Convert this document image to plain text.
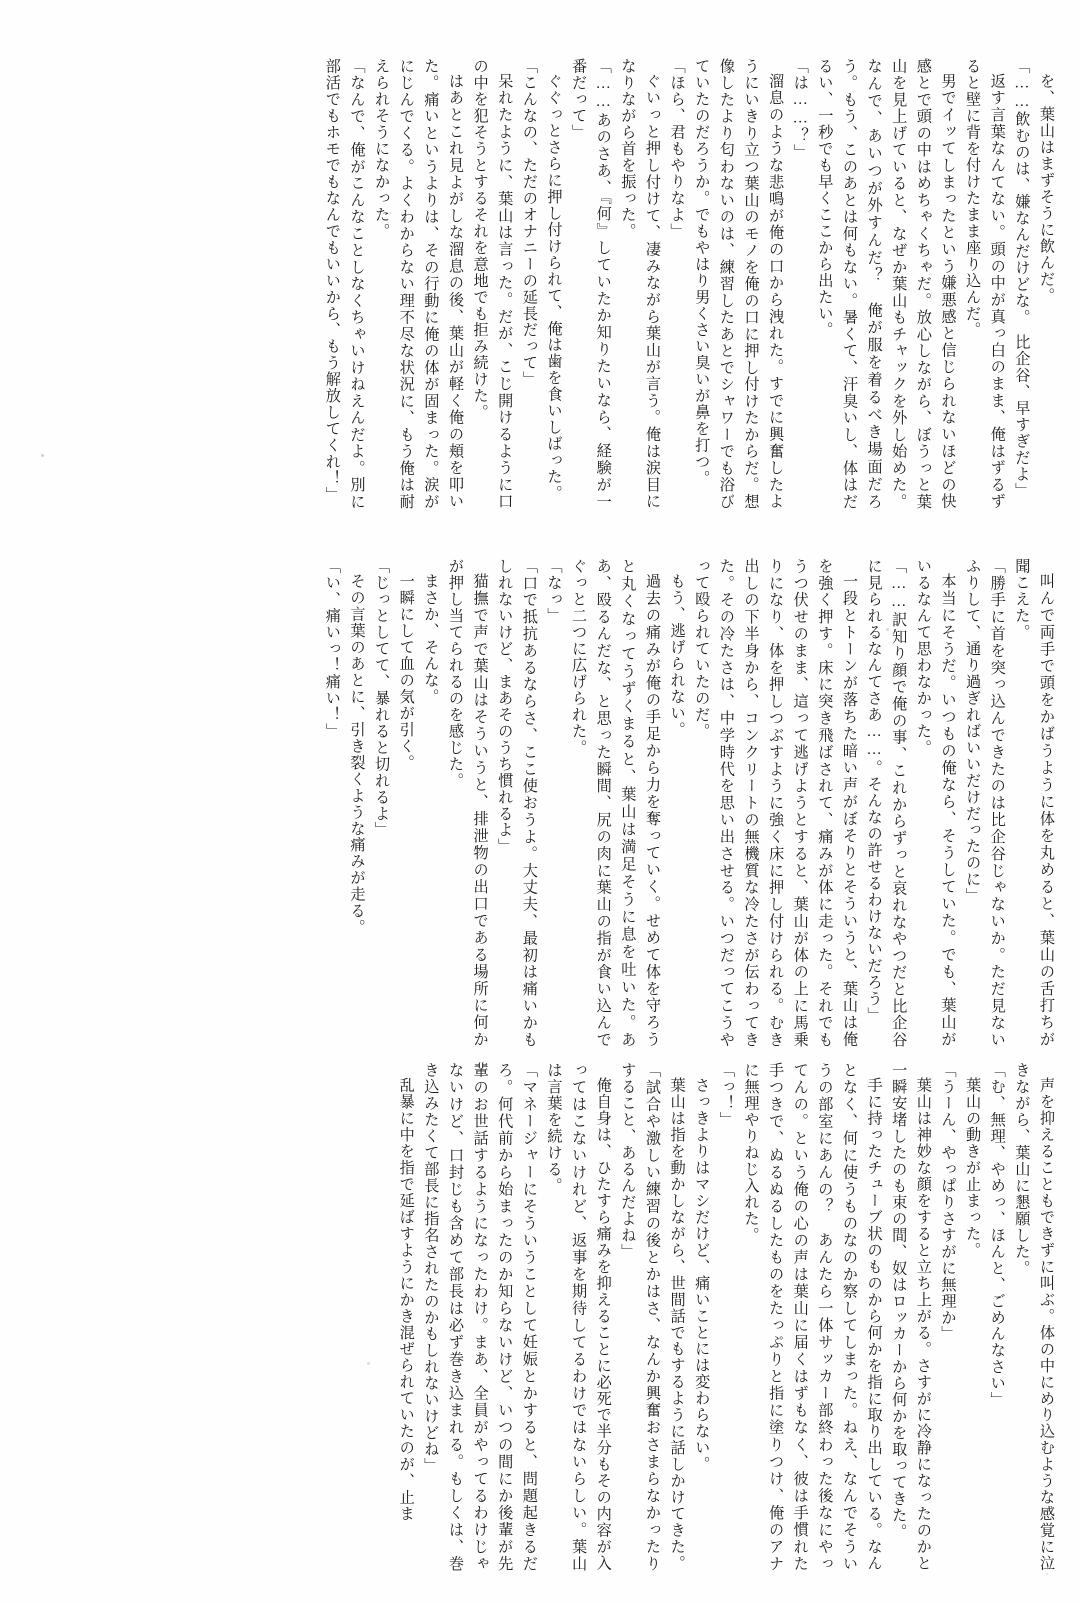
を、葉山はまずそうに飲んだ。

「……飲むのは、嫌なんだけどな。　比企谷、早すぎだよ」

返す言葉なんてない。頭の中が真っ白のまま、俺はずるずると壁に背を付けたまま座り込んだ。

男でイッてしまったという嫌悪感と信じられないほどの快感とで頭の中はめちゃくちゃだ。放心しながら、ぼうっと葉山を見上げていると、なぜか葉山もチャックを外し始めた。なんで、あいつが外すんだ？　俺が服を着るべき場面だろう。もう、このあとは何もない。暑くて、汗臭いし、体はだるい、一秒でも早くここから出たい。

「は……？」

溜息のような悲鳴が俺の口から洩れた。すでに興奮したようにいきり立つ葉山のモノを俺の口に押し付けたからだ。想像したより匂わないのは、練習したあとでシャワーでも浴びていたのだろうか。でもやはり男くさい臭いが鼻を打つ。

「ほら、君もやりなよ」

ぐいっと押し付けて、凄みながら葉山が言う。俺は涙目になりながら首を振った。

「……あのさあ、『何』していたか知りたいなら、経験が一番だって」

ぐぐっとさらに押し付けられて、俺は歯を食いしばった。

「こんなの、ただのオナニーの延長だって」

呆れたように、葉山は言った。だが、こじ開けるように口の中を犯そうとするそれを意地でも拒み続けた。

はあとこれ見よがしな溜息の後、葉山が軽く俺の頬を叩いた。痛いというよりは、その行動に俺の体が固まった。涙がにじんでくる。よくわからない理不尽な状況に、もう俺は耐えられそうになかった。

「なんで、俺がこんなことしなくちゃいけねえんだよ。別に部活でもホモでもなんでもいいから、もう解放してくれ！」

叫んで両手で頭をかばうように体を丸めると、葉山の舌打ちが聞こえた。

「勝手に首を突っ込んできたのは比企谷じゃないか。ただ見ないふりして、通り過ぎればいいだけだったのに」

本当にそうだ。いつもの俺なら、そうしていた。でも、葉山がいるなんて思わなかった。

「……訳知り顔で俺の事、これからずっと哀れなやつだと比企谷に見られるなんてさあ……。そんなの許せるわけないだろう」

一段とトーンが落ちた暗い声がぼそりとそういうと、葉山は俺を強く押す。床に突き飛ばされて、痛みが体に走った。それでもうつ伏せのまま、這って逃げようとすると、葉山が体の上に馬乗りになり、体を押しつぶすように強く床に押し付けられる。むき出しの下半身から、コンクリートの無機質な冷たさが伝わってきた。その冷たさは、中学時代を思い出させる。いつだってこうやって殴られていたのだ。

もう、逃げられない。

過去の痛みが俺の手足から力を奪っていく。せめて体を守ろうと丸くなってうずくまると、葉山は満足そうに息を吐いた。ああ、殴るんだな、と思った瞬間、尻の肉に葉山の指が食い込んでぐっと二つに広げられた。

「なっ」

「口で抵抗あるならさ、ここ使おうよ。大丈夫、最初は痛いかもしれないけど、まあそのうち慣れるよ」

猫撫で声で葉山はそういうと、排泄物の出口である場所に何かが押し当てられるのを感じた。

まさか、そんな。

一瞬にして血の気が引く。

「じっとしてて、暴れると切れるよ」

その言葉のあとに、引き裂くような痛みが走る。

「い、痛いっ！痛い！」

声を抑えることもできずに叫ぶ。体の中にめり込むような感覚に泣きながら、葉山に懇願した。

「む、無理、やめっ、ほんと、ごめんなさい」

葉山の動きが止まった。

「うーん、やっぱりさすがに無理か」

葉山は神妙な顔をすると立ち上がる。さすがに冷静になったのかと一瞬安堵したのも束の間、奴はロッカーから何かを取ってきた。

手に持ったチューブ状のものから何かを指に取り出している。なんとなく、何に使うものなのか察してしまった。ねえ、なんでそういうの部室にあんの？　あんたら一体サッカー部終わった後なにやってんの。という俺の心の声は葉山に届くはずもなく、彼は手慣れた手つきで、ぬるぬるしたものをたっぷりと指に塗りつけ、俺のアナに無理やりねじ入れた。

「っ！」

さっきよりはマシだけど、痛いことには変わらない。

葉山は指を動かしながら、世間話でもするように話しかけてきた。

「試合や激しい練習の後とかはさ、なんか興奮おさまらなかったりすること、あるんだよね」

俺自身は、ひたすら痛みを抑えることに必死で半分もその内容が入ってはこないけれど、返事を期待してるわけではないらしい。葉山は言葉を続ける。

「マネージャーにそういうことして妊娠とかすると、問題起きるだろ。何代前から始まったのか知らないけど、いつの間にか後輩が先輩のお世話するようになったわけ。まあ、全員がやってるわけじゃないけど、口封じも含めて部長は必ず巻き込まれる。もしくは、巻き込みたくて部長に指名されたのかもしれないけどね」

乱暴に中を指で延ばすようにかき混ぜられていたのが、止ま
